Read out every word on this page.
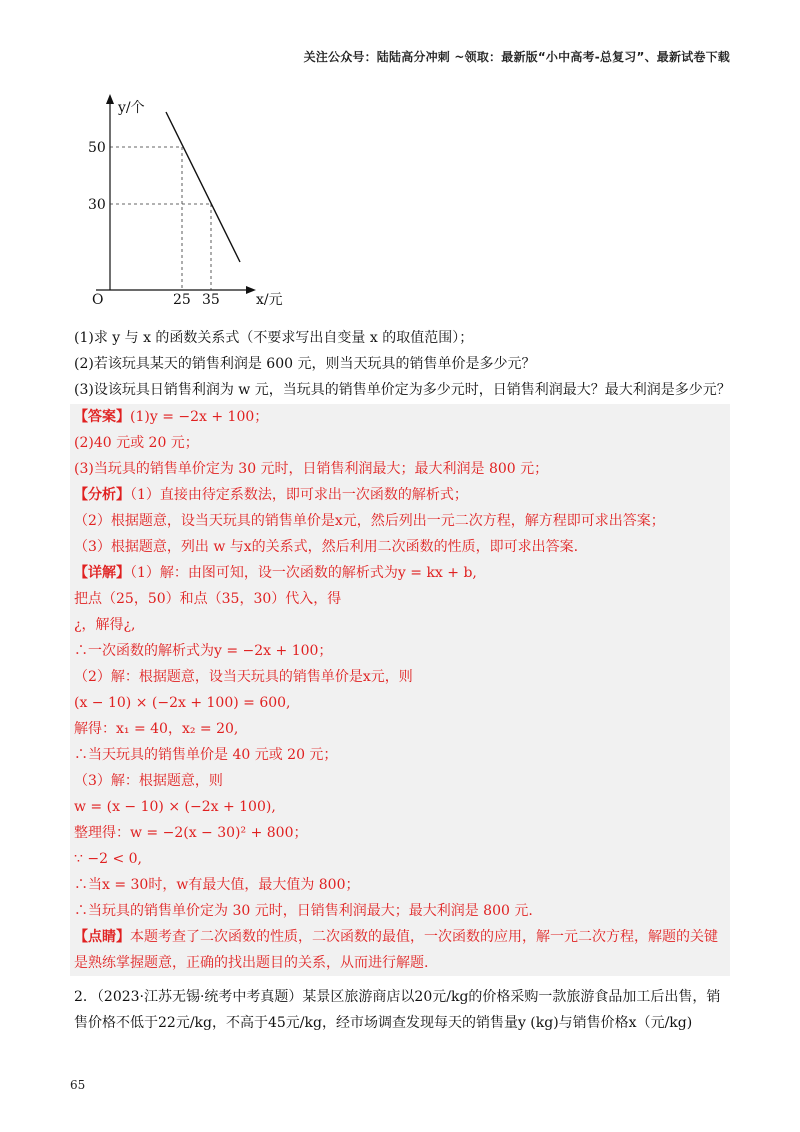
关注公众号：陆陆高分冲刺 ~领取：最新版“小中高考-总复习”、最新试卷下载
y/个
x/元
O
50
30
25 35
(1)求 y 与 x 的函数关系式（不要求写出自变量 x 的取值范围）；
(2)若该玩具某天的销售利润是 600 元，则当天玩具的销售单价是多少元？
(3)设该玩具日销售利润为 w 元，当玩具的销售单价定为多少元时，日销售利润最大？最大利润是多少元？
【答案】(1)y = −2x + 100；
(2)40 元或 20 元；
(3)当玩具的销售单价定为 30 元时，日销售利润最大；最大利润是 800 元；
【分析】（1）直接由待定系数法，即可求出一次函数的解析式；
（2）根据题意，设当天玩具的销售单价是x元，然后列出一元二次方程，解方程即可求出答案；
（3）根据题意，列出 w 与x的关系式，然后利用二次函数的性质，即可求出答案.
【详解】（1）解：由图可知，设一次函数的解析式为y = kx + b,
把点（25，50）和点（35，30）代入，得
¿，解得¿,
∴一次函数的解析式为y = −2x + 100；
（2）解：根据题意，设当天玩具的销售单价是x元，则
(x − 10) × (−2x + 100) = 600,
解得：x₁ = 40，x₂ = 20,
∴当天玩具的销售单价是 40 元或 20 元；
（3）解：根据题意，则
w = (x − 10) × (−2x + 100),
整理得：w = −2(x − 30)² + 800；
∵ −2 < 0,
∴当x = 30时，w有最大值，最大值为 800；
∴当玩具的销售单价定为 30 元时，日销售利润最大；最大利润是 800 元.
【点睛】本题考查了二次函数的性质，二次函数的最值，一次函数的应用，解一元二次方程，解题的关键
是熟练掌握题意，正确的找出题目的关系，从而进行解题.
2．（2023·江苏无锡·统考中考真题）某景区旅游商店以20元/kg的价格采购一款旅游食品加工后出售，销售价格不低于22元/kg，不高于45元/kg，经市场调查发现每天的销售量y (kg)与销售价格x（元/kg)
65
